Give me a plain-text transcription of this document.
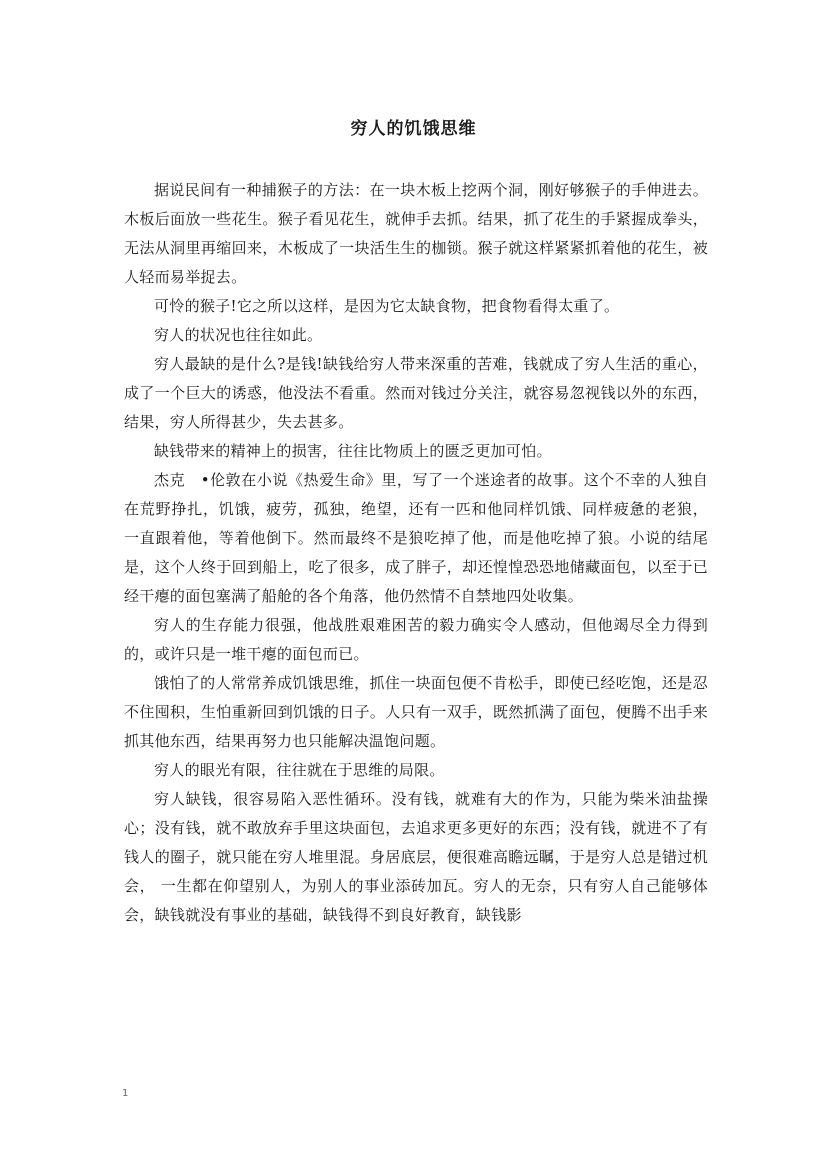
穷人的饥饿思维

据说民间有一种捕猴子的方法：在一块木板上挖两个洞，刚好够猴子的手伸进去。木板后面放一些花生。猴子看见花生，就伸手去抓。结果，抓了花生的手紧握成拳头，无法从洞里再缩回来，木板成了一块活生生的枷锁。猴子就这样紧紧抓着他的花生，被人轻而易举捉去。

可怜的猴子!它之所以这样，是因为它太缺食物，把食物看得太重了。

穷人的状况也往往如此。

穷人最缺的是什么?是钱!缺钱给穷人带来深重的苦难，钱就成了穷人生活的重心，成了一个巨大的诱惑，他没法不看重。然而对钱过分关注，就容易忽视钱以外的东西，结果，穷人所得甚少，失去甚多。

缺钱带来的精神上的损害，往往比物质上的匮乏更加可怕。

杰克　•伦敦在小说《热爱生命》里，写了一个迷途者的故事。这个不幸的人独自在荒野挣扎，饥饿，疲劳，孤独，绝望，还有一匹和他同样饥饿、同样疲惫的老狼， 一直跟着他，等着他倒下。然而最终不是狼吃掉了他，而是他吃掉了狼。小说的结尾是，这个人终于回到船上，吃了很多，成了胖子，却还惶惶恐恐地储藏面包，以至于已经干瘪的面包塞满了船舱的各个角落，他仍然情不自禁地四处收集。

穷人的生存能力很强，他战胜艰难困苦的毅力确实令人感动，但他竭尽全力得到的，或许只是一堆干瘪的面包而已。

饿怕了的人常常养成饥饿思维，抓住一块面包便不肯松手，即使已经吃饱，还是忍不住囤积，生怕重新回到饥饿的日子。人只有一双手，既然抓满了面包，便腾不出手来抓其他东西，结果再努力也只能解决温饱问题。

穷人的眼光有限，往往就在于思维的局限。

穷人缺钱，很容易陷入恶性循环。没有钱，就难有大的作为，只能为柴米油盐操心；没有钱，就不敢放弃手里这块面包，去追求更多更好的东西；没有钱，就进不了有钱人的圈子，就只能在穷人堆里混。身居底层，便很难高瞻远瞩，于是穷人总是错过机会， 一生都在仰望别人，为别人的事业添砖加瓦。穷人的无奈，只有穷人自己能够体会，缺钱就没有事业的基础，缺钱得不到良好教育，缺钱影

1
